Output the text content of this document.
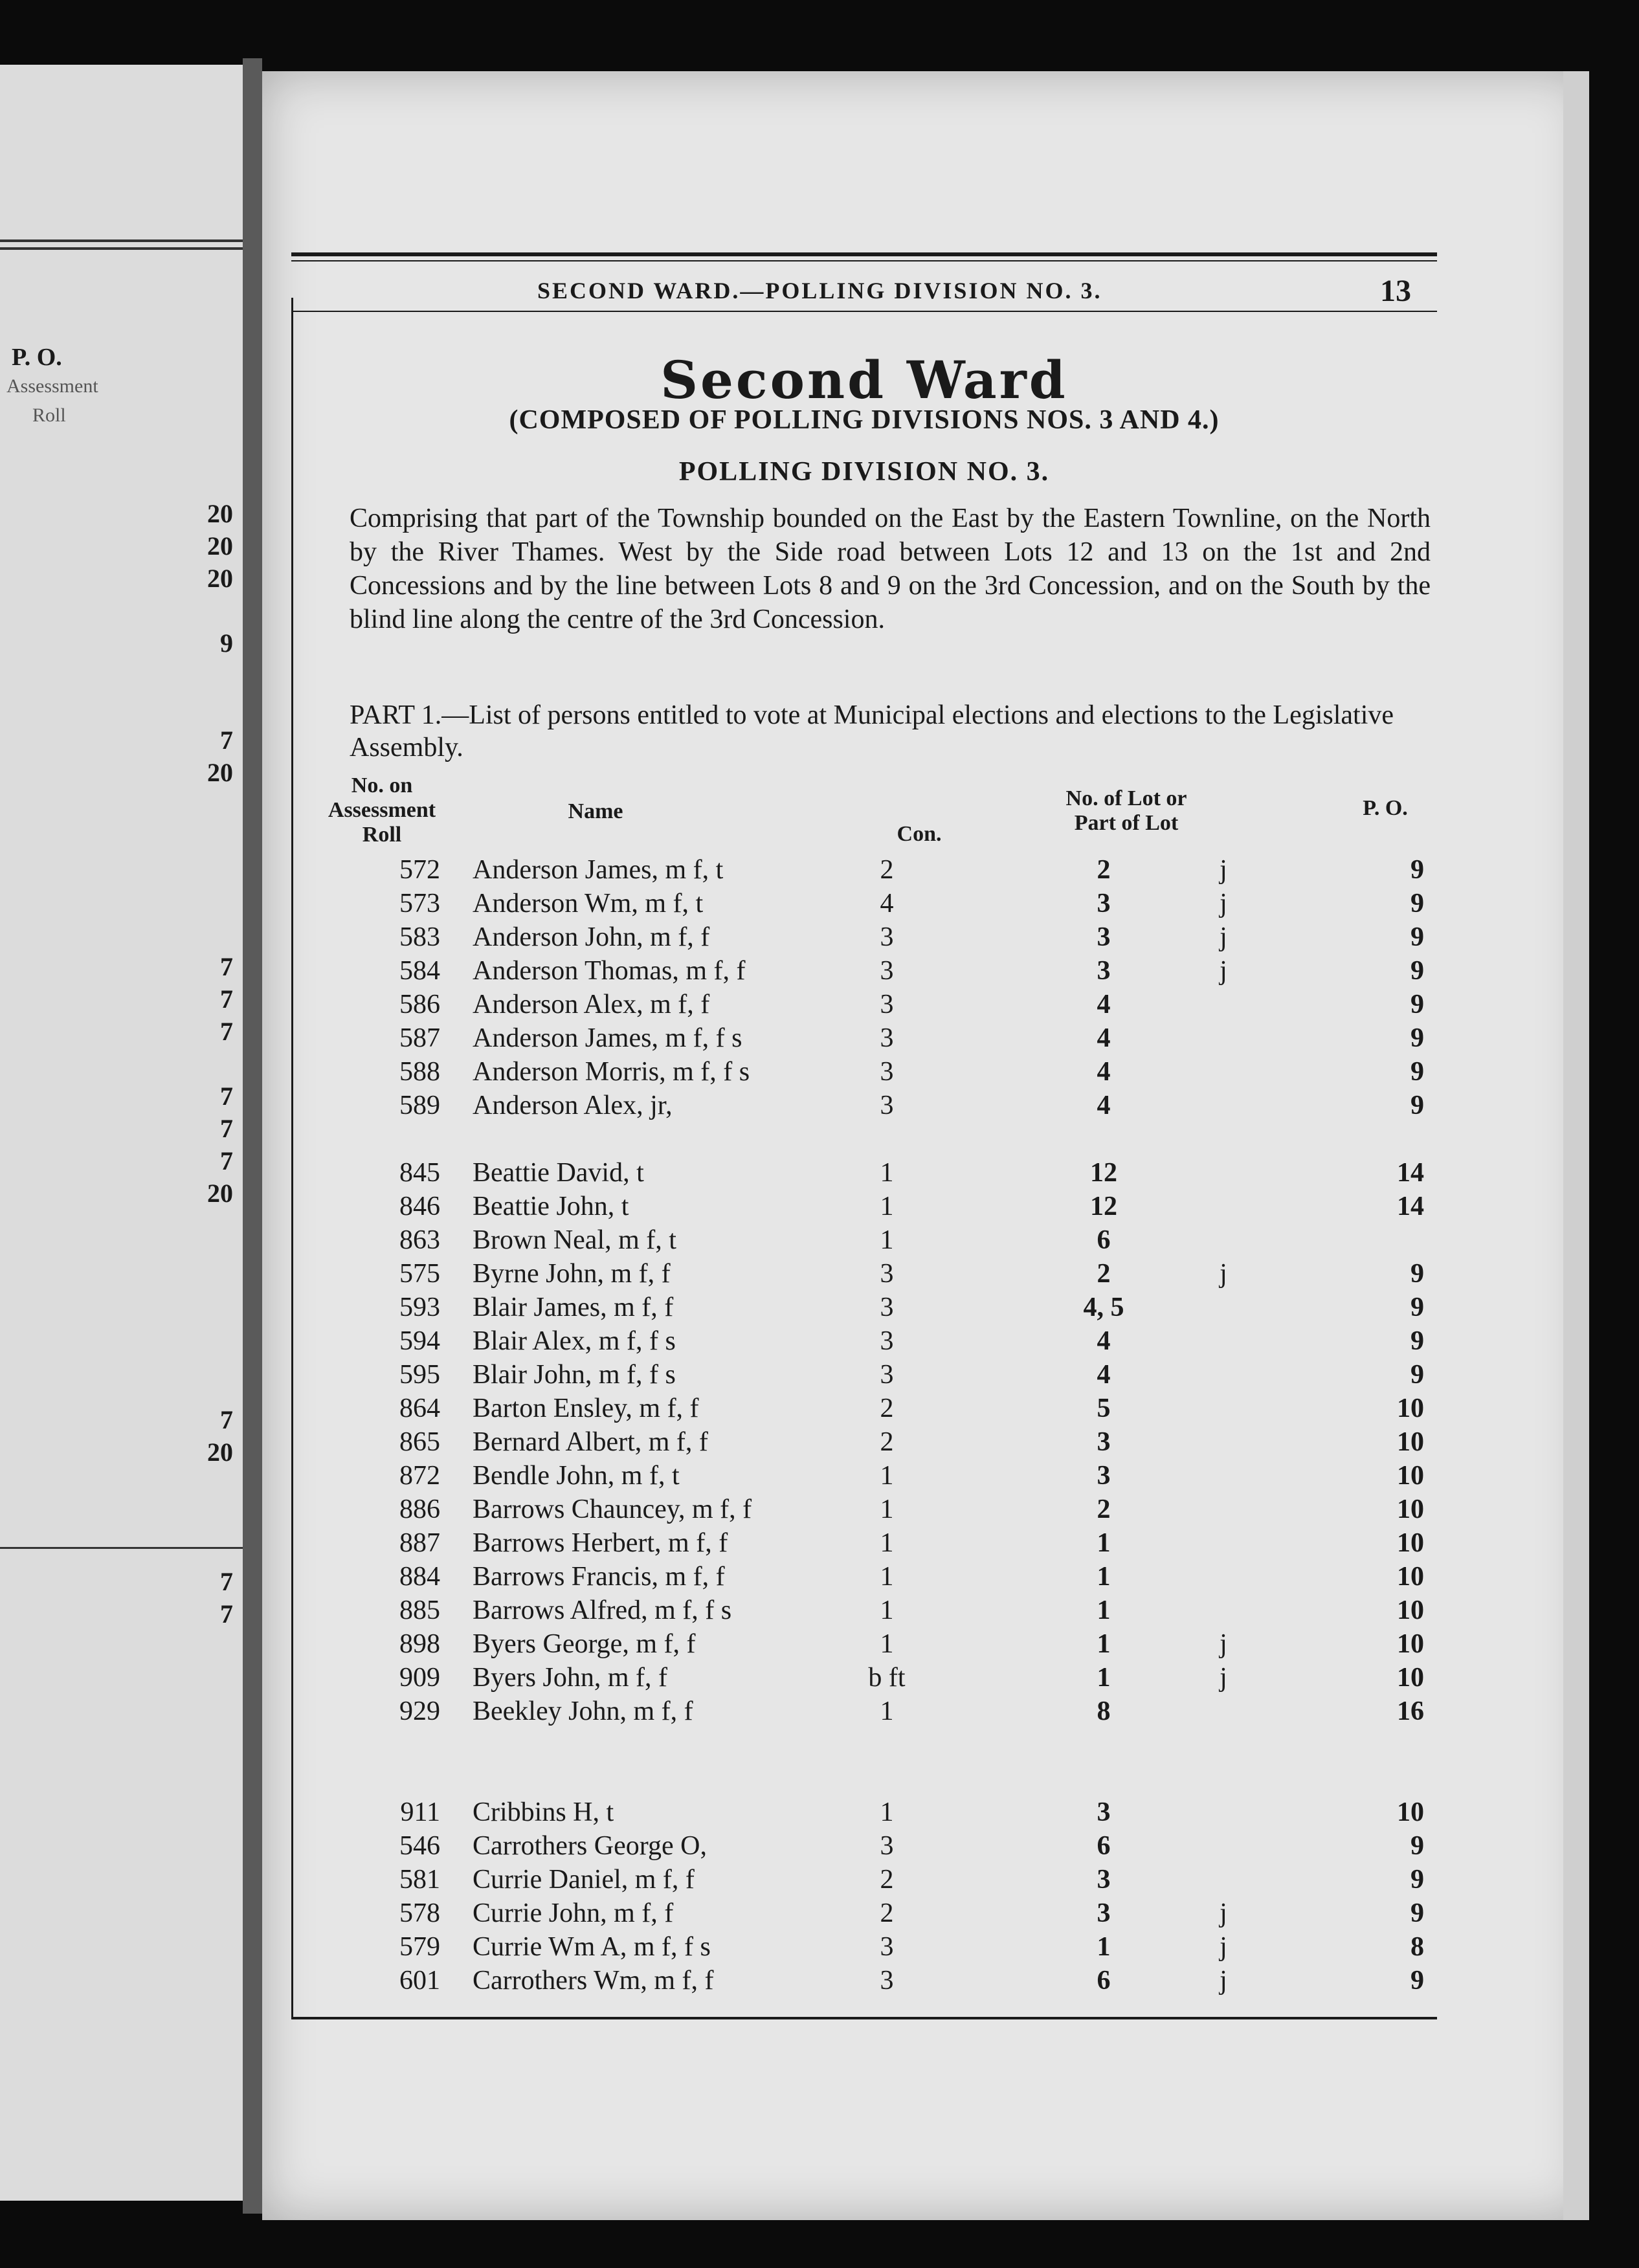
P. O.
Assessment
Roll
20
20
20
9
7
20
7
7
7
7
7
7
20
7
20
7
7
SECOND WARD.—POLLING DIVISION NO. 3.	13
Second Ward
(COMPOSED OF POLLING DIVISIONS NOS. 3 AND 4.)
POLLING DIVISION NO. 3.
Comprising that part of the Township bounded on the East by the Eastern Townline, on the North by the River Thames. West by the Side road between Lots 12 and 13 on the 1st and 2nd Concessions and by the line between Lots 8 and 9 on the 3rd Concession, and on the South by the blind line along the centre of the 3rd Concession.
PART 1.—List of persons entitled to vote at Municipal elections and elections to the Legislative Assembly.
No. on Assessment Roll
Name
Con.
No. of Lot or Part of Lot
P. O.
572 Anderson James, m f, t	2	2	j	9
573 Anderson Wm, m f, t	4	3	j	9
583 Anderson John, m f, f	3	3	j	9
584 Anderson Thomas, m f, f	3	3	j	9
586 Anderson Alex, m f, f	3	4	9
587 Anderson James, m f, f s	3	4	9
588 Anderson Morris, m f, f s	3	4	9
589 Anderson Alex, jr,	3	4	9
845 Beattie David, t	1	12	14
846 Beattie John, t	1	12	14
863 Brown Neal, m f, t	1	6
575 Byrne John, m f, f	3	2	j	9
593 Blair James, m f, f	3	4, 5	9
594 Blair Alex, m f, f s	3	4	9
595 Blair John, m f, f s	3	4	9
864 Barton Ensley, m f, f	2	5	10
865 Bernard Albert, m f, f	2	3	10
872 Bendle John, m f, t	1	3	10
886 Barrows Chauncey, m f, f	1	2	10
887 Barrows Herbert, m f, f	1	1	10
884 Barrows Francis, m f, f	1	1	10
885 Barrows Alfred, m f, f s	1	1	10
898 Byers George, m f, f	1	1	j	10
909 Byers John, m f, f	b ft	1	j	10
929 Beekley John, m f, f	1	8	16
911 Cribbins H, t	1	3	10
546 Carrothers George O,	3	6	9
581 Currie Daniel, m f, f	2	3	9
578 Currie John, m f, f	2	3	j	9
579 Currie Wm A, m f, f s	3	1	j	8
601 Carrothers Wm, m f, f	3	6	j	9
